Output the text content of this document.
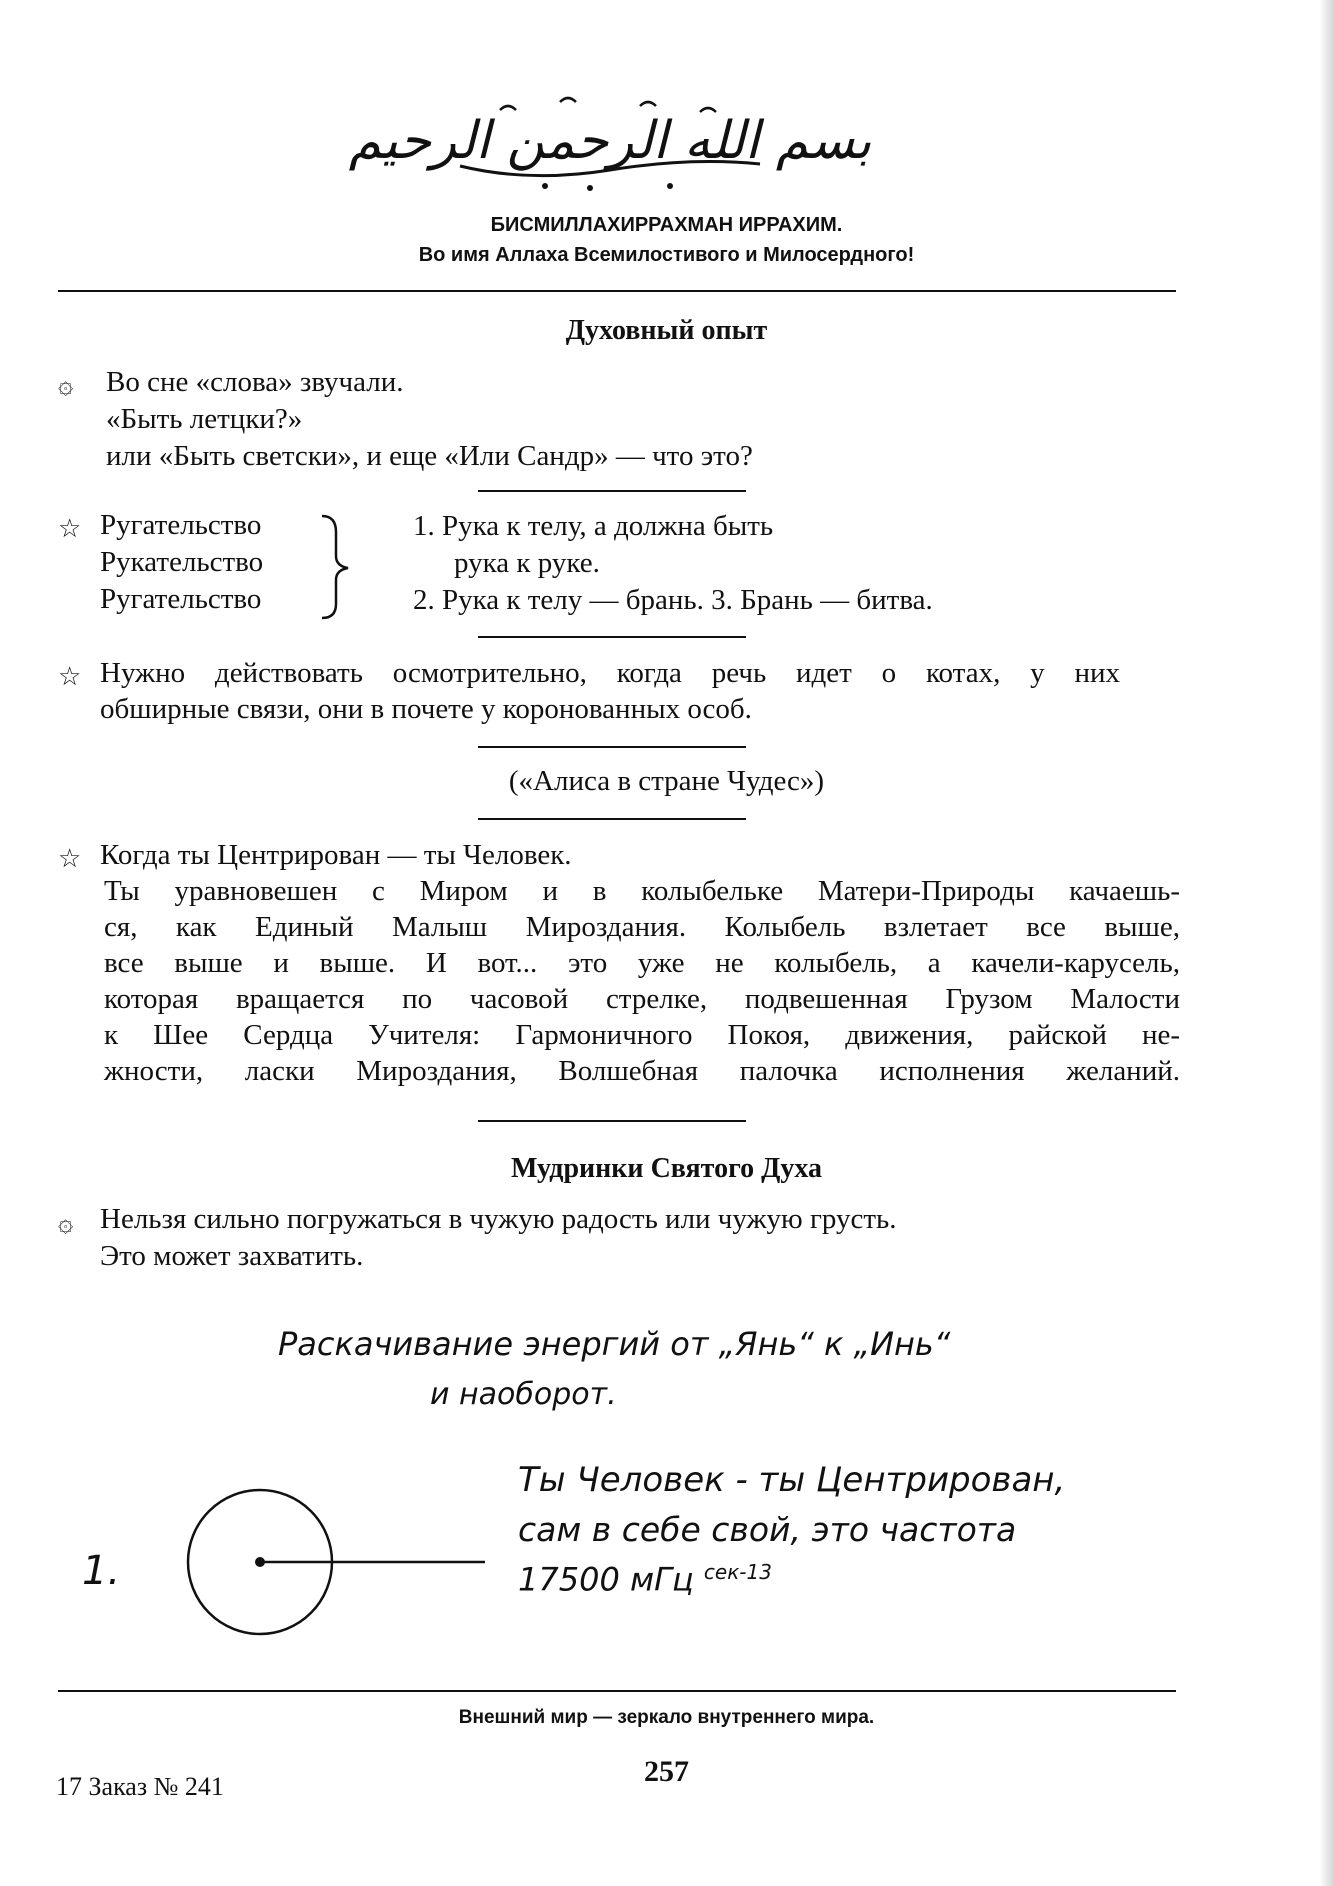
بسم الله الرحمن الرحيم
БИСМИЛЛАХИРРАХМАН ИРРАХИМ.
Во имя Аллаха Всемилостивого и Милосердного!
Духовный опыт
۞ Во сне «слова» звучали.
«Быть летцки?»
или «Быть светски», и еще «Или Сандр» — что это?
☆ Ругательство
Рукательство
Ругательство
1. Рука к телу, а должна быть
рука к руке.
2. Рука к телу — брань. 3. Брань — битва.
☆ Нужно действовать осмотрительно, когда речь идет о котах, у них
обширные связи, они в почете у коронованных особ.
(«Алиса в стране Чудес»)
☆ Когда ты Центрирован — ты Человек.
Ты уравновешен с Миром и в колыбельке Матери-Природы качаешь-
ся, как Единый Малыш Мироздания. Колыбель взлетает все выше,
все выше и выше. И вот... это уже не колыбель, а качели-карусель,
которая вращается по часовой стрелке, подвешенная Грузом Малости
к Шее Сердца Учителя: Гармоничного Покоя, движения, райской не-
жности, ласки Мироздания, Волшебная палочка исполнения желаний.
Мудринки Святого Духа
۞ Нельзя сильно погружаться в чужую радость или чужую грусть.
Это может захватить.
Раскачивание энергий от „Янь“ к „Инь“
и наоборот.
1.
Ты Человек - ты Центрирован,
сам в себе свой, это частота
17500 мГц $^{сек-13}$
Внешний мир — зеркало внутреннего мира.
257
17 Заказ № 241
